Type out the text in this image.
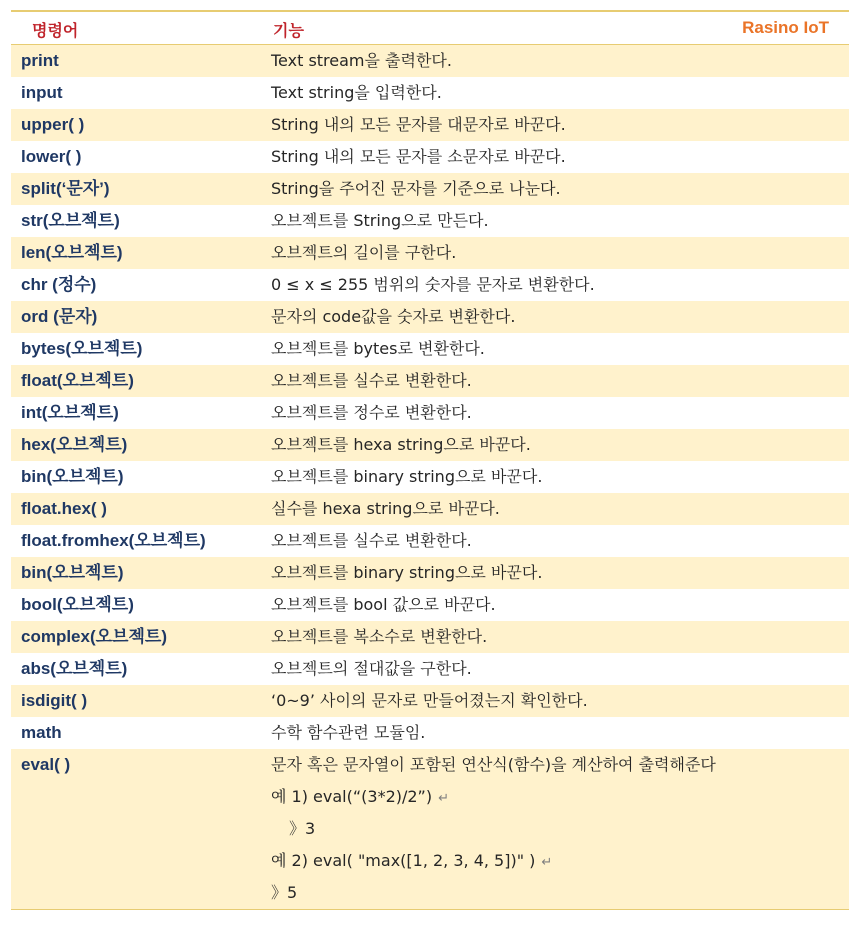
명령어	기능	Rasino IoT
print	Text stream을 출력한다.
input	Text string을 입력한다.
upper( )	String 내의 모든 문자를 대문자로 바꾼다.
lower( )	String 내의 모든 문자를 소문자로 바꾼다.
split(‘문자’)	String을 주어진 문자를 기준으로 나눈다.
str(오브젝트)	오브젝트를 String으로 만든다.
len(오브젝트)	오브젝트의 길이를 구한다.
chr (정수)	0 ≤ x ≤ 255 범위의 숫자를 문자로 변환한다.
ord (문자)	문자의 code값을 숫자로 변환한다.
bytes(오브젝트)	오브젝트를 bytes로 변환한다.
float(오브젝트)	오브젝트를 실수로 변환한다.
int(오브젝트)	오브젝트를 정수로 변환한다.
hex(오브젝트)	오브젝트를 hexa string으로 바꾼다.
bin(오브젝트)	오브젝트를 binary string으로 바꾼다.
float.hex( )	실수를 hexa string으로 바꾼다.
float.fromhex(오브젝트)	오브젝트를 실수로 변환한다.
bin(오브젝트)	오브젝트를 binary string으로 바꾼다.
bool(오브젝트)	오브젝트를 bool 값으로 바꾼다.
complex(오브젝트)	오브젝트를 복소수로 변환한다.
abs(오브젝트)	오브젝트의 절대값을 구한다.
isdigit( )	‘0~9’ 사이의 문자로 만들어졌는지 확인한다.
math	수학 함수관련 모듈임.
eval( )	문자 혹은 문자열이 포함된 연산식(함수)을 계산하여 출력해준다
예 1) eval(“(3*2)/2”) ↵
》3
예 2) eval( "max([1, 2, 3, 4, 5])" ) ↵
》5
